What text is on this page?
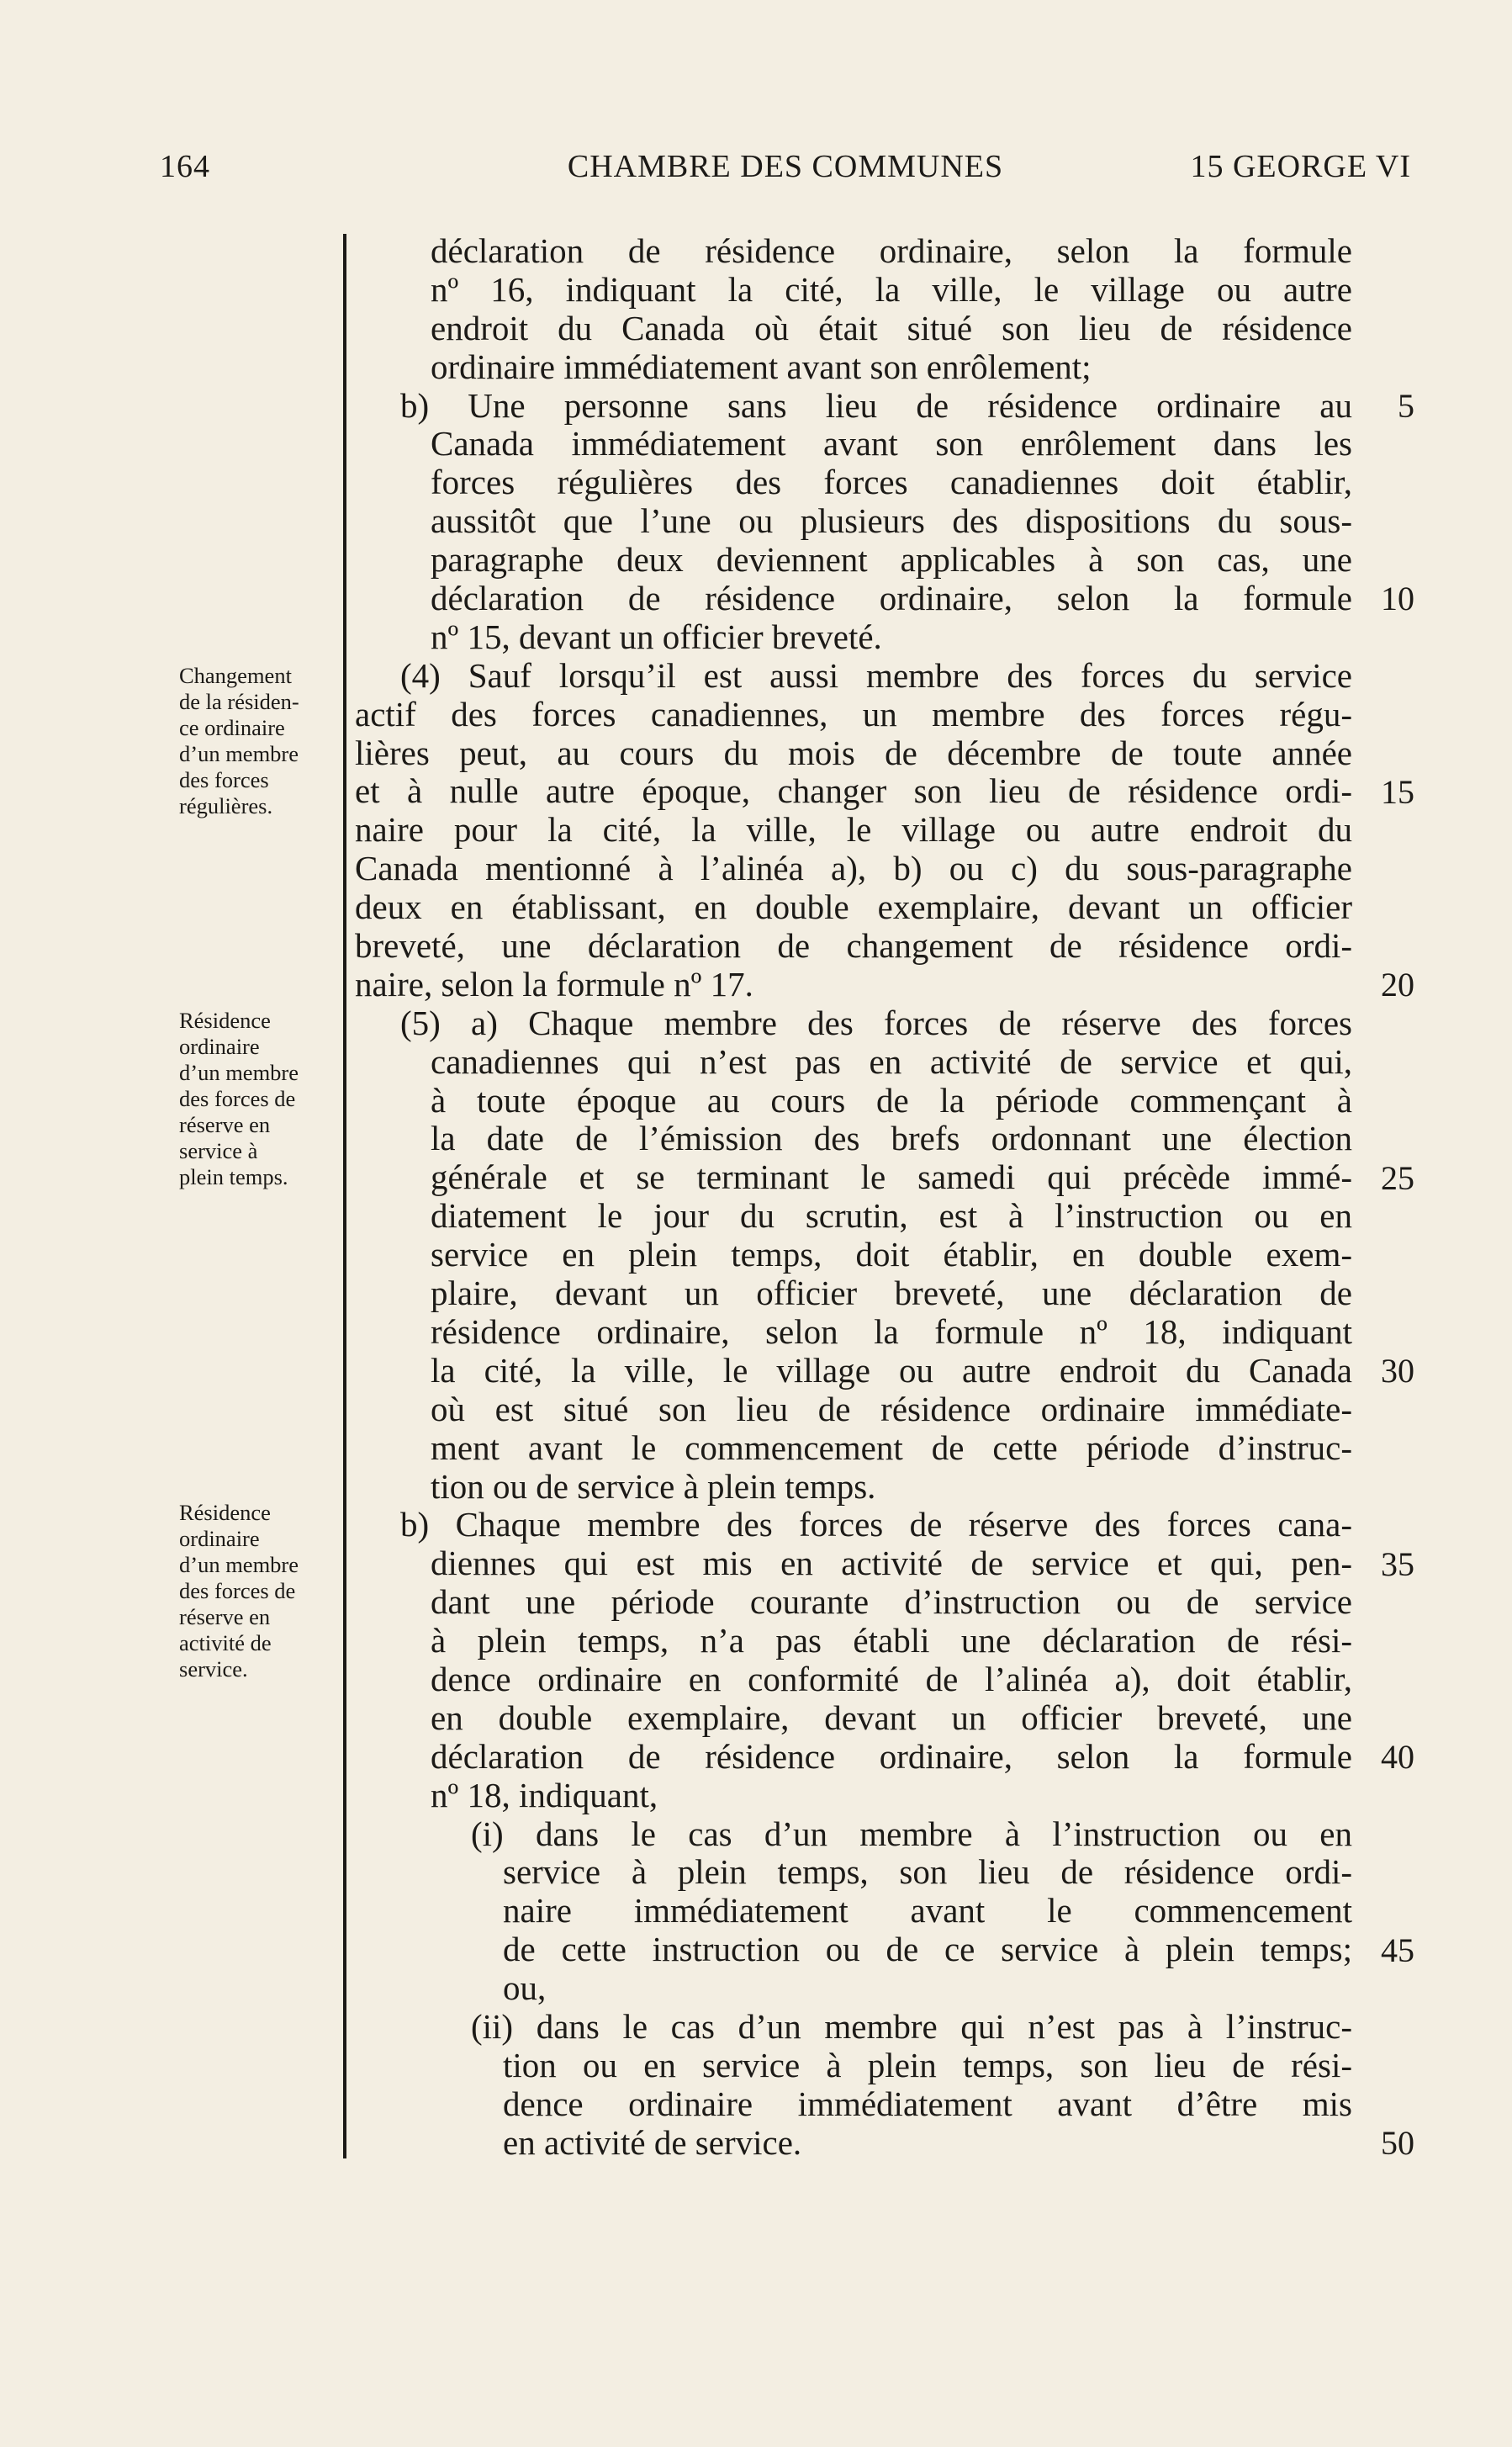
164	CHAMBRE DES COMMUNES	15 GEORGE VI
Changement
de la résiden-
ce ordinaire
d’un membre
des forces
régulières.
Résidence
ordinaire
d’un membre
des forces de
réserve en
service à
plein temps.
Résidence
ordinaire
d’un membre
des forces de
réserve en
activité de
service.
déclaration de résidence ordinaire, selon la formule
nº 16, indiquant la cité, la ville, le village ou autre
endroit du Canada où était situé son lieu de résidence
ordinaire immédiatement avant son enrôlement;
b) Une personne sans lieu de résidence ordinaire au
Canada immédiatement avant son enrôlement dans les
forces régulières des forces canadiennes doit établir,
aussitôt que l’une ou plusieurs des dispositions du sous-
paragraphe deux deviennent applicables à son cas, une
déclaration de résidence ordinaire, selon la formule
nº 15, devant un officier breveté.
(4) Sauf lorsqu’il est aussi membre des forces du service
actif des forces canadiennes, un membre des forces régu-
lières peut, au cours du mois de décembre de toute année
et à nulle autre époque, changer son lieu de résidence ordi-
naire pour la cité, la ville, le village ou autre endroit du
Canada mentionné à l’alinéa a), b) ou c) du sous-paragraphe
deux en établissant, en double exemplaire, devant un officier
breveté, une déclaration de changement de résidence ordi-
naire, selon la formule nº 17.
(5) a) Chaque membre des forces de réserve des forces
canadiennes qui n’est pas en activité de service et qui,
à toute époque au cours de la période commençant à
la date de l’émission des brefs ordonnant une élection
générale et se terminant le samedi qui précède immé-
diatement le jour du scrutin, est à l’instruction ou en
service en plein temps, doit établir, en double exem-
plaire, devant un officier breveté, une déclaration de
résidence ordinaire, selon la formule nº 18, indiquant
la cité, la ville, le village ou autre endroit du Canada
où est situé son lieu de résidence ordinaire immédiate-
ment avant le commencement de cette période d’instruc-
tion ou de service à plein temps.
b) Chaque membre des forces de réserve des forces cana-
diennes qui est mis en activité de service et qui, pen-
dant une période courante d’instruction ou de service
à plein temps, n’a pas établi une déclaration de rési-
dence ordinaire en conformité de l’alinéa a), doit établir,
en double exemplaire, devant un officier breveté, une
déclaration de résidence ordinaire, selon la formule
nº 18, indiquant,
(i) dans le cas d’un membre à l’instruction ou en
service à plein temps, son lieu de résidence ordi-
naire immédiatement avant le commencement
de cette instruction ou de ce service à plein temps;
ou,
(ii) dans le cas d’un membre qui n’est pas à l’instruc-
tion ou en service à plein temps, son lieu de rési-
dence ordinaire immédiatement avant d’être mis
en activité de service.
5
10
15
20
25
30
35
40
45
50
